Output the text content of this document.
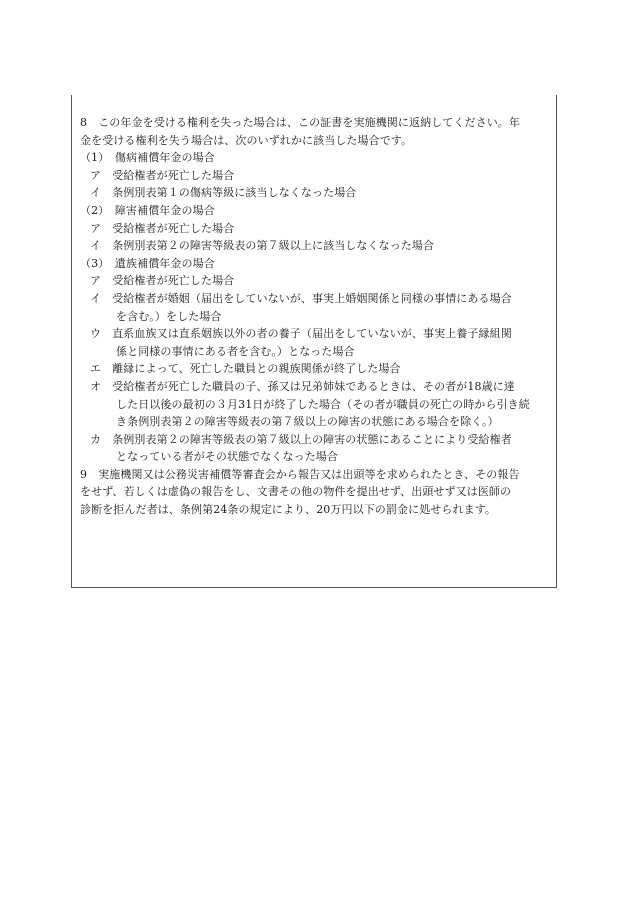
8　この年金を受ける権利を失った場合は、この証書を実施機関に返納してください。年
金を受ける権利を失う場合は、次のいずれかに該当した場合です。
（1）　傷病補償年金の場合
ア　受給権者が死亡した場合
イ　条例別表第１の傷病等級に該当しなくなった場合
（2）　障害補償年金の場合
ア　受給権者が死亡した場合
イ　条例別表第２の障害等級表の第７級以上に該当しなくなった場合
（3）　遺族補償年金の場合
ア　受給権者が死亡した場合
イ　受給権者が婚姻（届出をしていないが、事実上婚姻関係と同様の事情にある場合
を含む。）をした場合
ウ　直系血族又は直系姻族以外の者の養子（届出をしていないが、事実上養子縁組関
係と同様の事情にある者を含む。）となった場合
エ　離縁によって、死亡した職員との親族関係が終了した場合
オ　受給権者が死亡した職員の子、孫又は兄弟姉妹であるときは、その者が18歳に達
した日以後の最初の３月31日が終了した場合（その者が職員の死亡の時から引き続
き条例別表第２の障害等級表の第７級以上の障害の状態にある場合を除く。）
カ　条例別表第２の障害等級表の第７級以上の障害の状態にあることにより受給権者
となっている者がその状態でなくなった場合
9　実施機関又は公務災害補償等審査会から報告又は出頭等を求められたとき、その報告
をせず、若しくは虚偽の報告をし、文書その他の物件を提出せず、出頭せず又は医師の
診断を拒んだ者は、条例第24条の規定により、20万円以下の罰金に処せられます。
